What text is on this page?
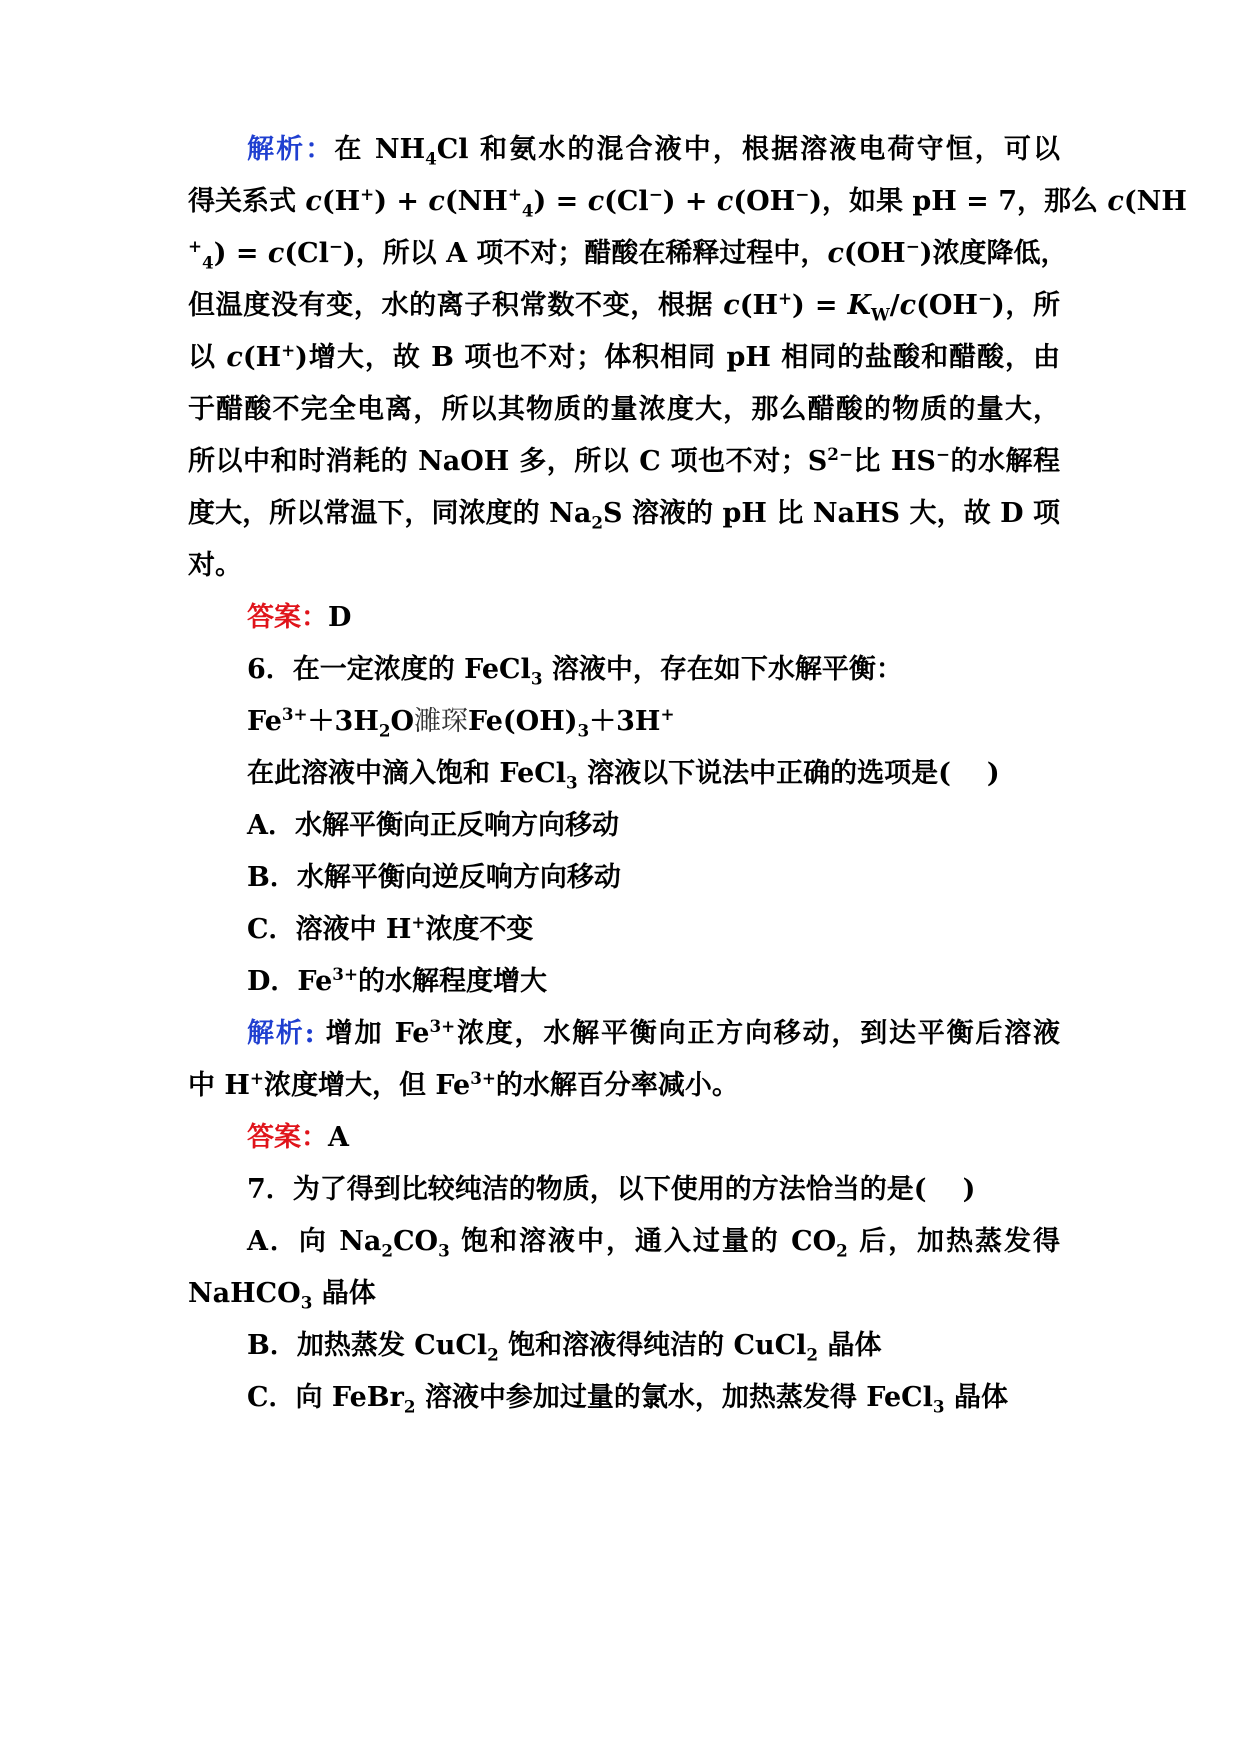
解析：在 $NH_4Cl$ 和氨水的混合液中，根据溶液电荷守恒，可以
得关系式 $c(H^+) + c(NH^+_4) = c(Cl^-) + c(OH^-)$，如果 pH = 7，那么 c(NH
+$_4$) = c(Cl−)，所以 A 项不对；醋酸在稀释过程中，c(OH−)浓度降低，
但温度没有变，水的离子积常数不变，根据 $c(H^+) = K_W/c(OH^-)$，所
以 c(H+)增大，故 B 项也不对；体积相同 pH 相同的盐酸和醋酸，由
于醋酸不完全电离，所以其物质的量浓度大，那么醋酸的物质的量大，
所以中和时消耗的 NaOH 多，所以 C 项也不对；$S^{2-}$比 HS−的水解程
度大，所以常温下，同浓度的 $Na_2S$ 溶液的 pH 比 NaHS 大，故 D 项
对。
答案：D
6．在一定浓度的 FeCl$_3$ 溶液中，存在如下水解平衡：
$Fe^{3+}+3H_2O$濉琛$Fe(OH)_3+3H^+$
在此溶液中滴入饱和 FeCl$_3$ 溶液以下说法中正确的选项是( )
A．水解平衡向正反响方向移动
B．水解平衡向逆反响方向移动
C．溶液中 H+浓度不变
D．$Fe^{3+}$的水解程度增大
解析: 增加 $Fe^{3+}$浓度，水解平衡向正方向移动，到达平衡后溶液
中 H+浓度增大，但 $Fe^{3+}$的水解百分率减小。
答案：A
7．为了得到比较纯洁的物质，以下使用的方法恰当的是( )
A．向 $Na_2CO_3$ 饱和溶液中，通入过量的 $CO_2$ 后，加热蒸发得
NaHCO$_3$ 晶体
B．加热蒸发 CuCl$_2$ 饱和溶液得纯洁的 CuCl$_2$ 晶体
C．向 FeBr$_2$ 溶液中参加过量的氯水，加热蒸发得 FeCl$_3$ 晶体
